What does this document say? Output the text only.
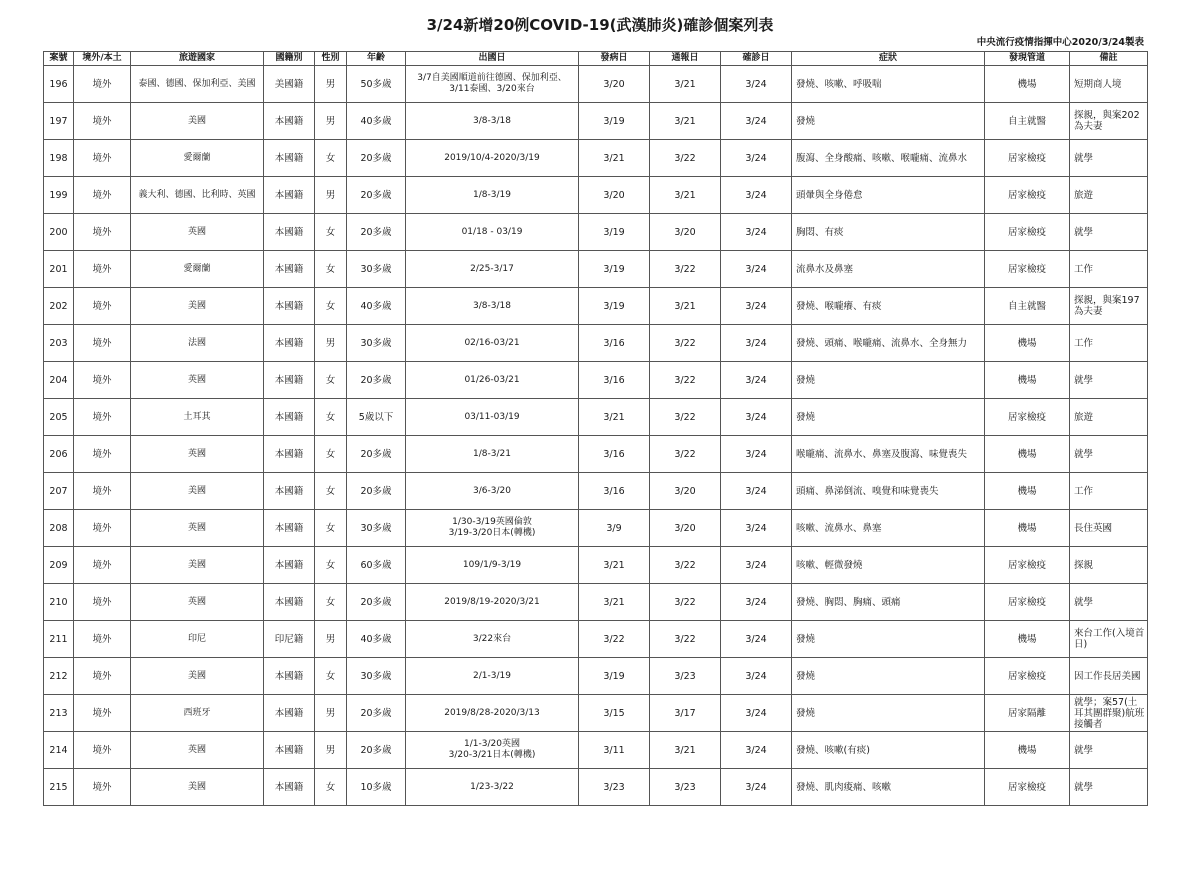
3/24新增20例COVID-19(武漢肺炎)確診個案列表
中央流行疫情指揮中心2020/3/24製表
案號	境外/本土	旅遊國家	國籍別	性別	年齡	出國日	發病日	通報日	確診日	症狀	發現管道	備註
196	境外	泰國、德國、保加利亞、美國	美國籍	男	50多歲	3/7自美國順道前往德國、保加利亞、3/11泰國、3/20來台	3/20	3/21	3/24	發燒、咳嗽、呼吸喘	機場	短期商人境
197	境外	美國	本國籍	男	40多歲	3/8-3/18	3/19	3/21	3/24	發燒	自主就醫	探親，與案202為夫妻
198	境外	愛爾蘭	本國籍	女	20多歲	2019/10/4-2020/3/19	3/21	3/22	3/24	腹瀉、全身酸痛、咳嗽、喉嚨痛、流鼻水	居家檢疫	就學
199	境外	義大利、德國、比利時、英國	本國籍	男	20多歲	1/8-3/19	3/20	3/21	3/24	頭暈與全身倦怠	居家檢疫	旅遊
200	境外	英國	本國籍	女	20多歲	01/18 - 03/19	3/19	3/20	3/24	胸悶、有痰	居家檢疫	就學
201	境外	愛爾蘭	本國籍	女	30多歲	2/25-3/17	3/19	3/22	3/24	流鼻水及鼻塞	居家檢疫	工作
202	境外	美國	本國籍	女	40多歲	3/8-3/18	3/19	3/21	3/24	發燒、喉嚨癢、有痰	自主就醫	探親，與案197為夫妻
203	境外	法國	本國籍	男	30多歲	02/16-03/21	3/16	3/22	3/24	發燒、頭痛、喉嚨痛、流鼻水、全身無力	機場	工作
204	境外	英國	本國籍	女	20多歲	01/26-03/21	3/16	3/22	3/24	發燒	機場	就學
205	境外	土耳其	本國籍	女	5歲以下	03/11-03/19	3/21	3/22	3/24	發燒	居家檢疫	旅遊
206	境外	英國	本國籍	女	20多歲	1/8-3/21	3/16	3/22	3/24	喉嚨痛、流鼻水、鼻塞及腹瀉、味覺喪失	機場	就學
207	境外	美國	本國籍	女	20多歲	3/6-3/20	3/16	3/20	3/24	頭痛、鼻涕倒流、嗅覺和味覺喪失	機場	工作
208	境外	英國	本國籍	女	30多歲	1/30-3/19英國倫敦
3/19-3/20日本(轉機)	3/9	3/20	3/24	咳嗽、流鼻水、鼻塞	機場	長住英國
209	境外	美國	本國籍	女	60多歲	109/1/9-3/19	3/21	3/22	3/24	咳嗽、輕微發燒	居家檢疫	探親
210	境外	英國	本國籍	女	20多歲	2019/8/19-2020/3/21	3/21	3/22	3/24	發燒、胸悶、胸痛、頭痛	居家檢疫	就學
211	境外	印尼	印尼籍	男	40多歲	3/22來台	3/22	3/22	3/24	發燒	機場	來台工作(入境首日)
212	境外	美國	本國籍	女	30多歲	2/1-3/19	3/19	3/23	3/24	發燒	居家檢疫	因工作長居美國
213	境外	西班牙	本國籍	男	20多歲	2019/8/28-2020/3/13	3/15	3/17	3/24	發燒	居家隔離	就學；案57(土耳其團群聚)航班接觸者
214	境外	英國	本國籍	男	20多歲	1/1-3/20英國
3/20-3/21日本(轉機)	3/11	3/21	3/24	發燒、咳嗽(有痰)	機場	就學
215	境外	美國	本國籍	女	10多歲	1/23-3/22	3/23	3/23	3/24	發燒、肌肉痠痛、咳嗽	居家檢疫	就學
